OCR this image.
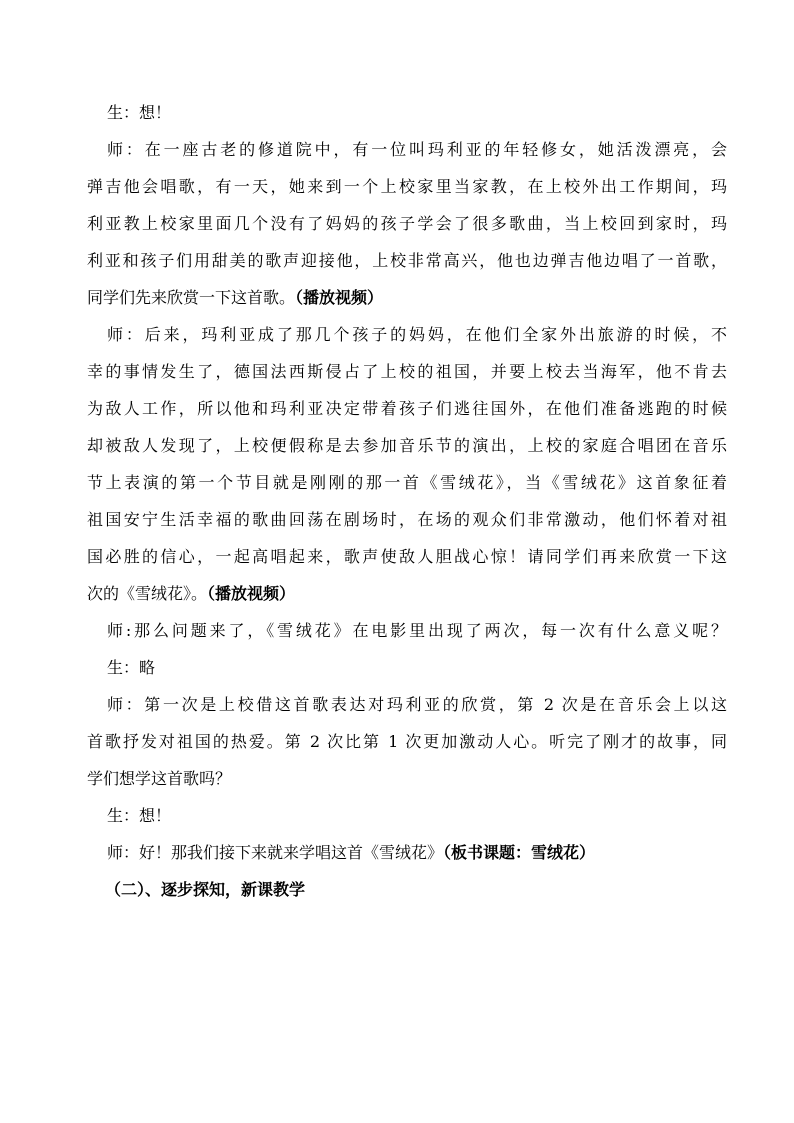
生：想！
师：在一座古老的修道院中，有一位叫玛利亚的年轻修女，她活泼漂亮，会
弹吉他会唱歌，有一天，她来到一个上校家里当家教，在上校外出工作期间，玛
利亚教上校家里面几个没有了妈妈的孩子学会了很多歌曲，当上校回到家时，玛
利亚和孩子们用甜美的歌声迎接他，上校非常高兴，他也边弹吉他边唱了一首歌，
同学们先来欣赏一下这首歌。（播放视频）
师：后来，玛利亚成了那几个孩子的妈妈，在他们全家外出旅游的时候，不
幸的事情发生了，德国法西斯侵占了上校的祖国，并要上校去当海军，他不肯去
为敌人工作，所以他和玛利亚决定带着孩子们逃往国外，在他们准备逃跑的时候
却被敌人发现了，上校便假称是去参加音乐节的演出，上校的家庭合唱团在音乐
节上表演的第一个节目就是刚刚的那一首《雪绒花》，当《雪绒花》这首象征着
祖国安宁生活幸福的歌曲回荡在剧场时，在场的观众们非常激动，他们怀着对祖
国必胜的信心，一起高唱起来，歌声使敌人胆战心惊！请同学们再来欣赏一下这
次的《雪绒花》。（播放视频）
师:那么问题来了，《雪绒花》在电影里出现了两次，每一次有什么意义呢？
生：略
师：第一次是上校借这首歌表达对玛利亚的欣赏，第 2 次是在音乐会上以这
首歌抒发对祖国的热爱。第 2 次比第 1 次更加激动人心。听完了刚才的故事，同
学们想学这首歌吗？
生：想！
师：好！那我们接下来就来学唱这首《雪绒花》（板书课题：雪绒花）
（二）、逐步探知，新课教学
